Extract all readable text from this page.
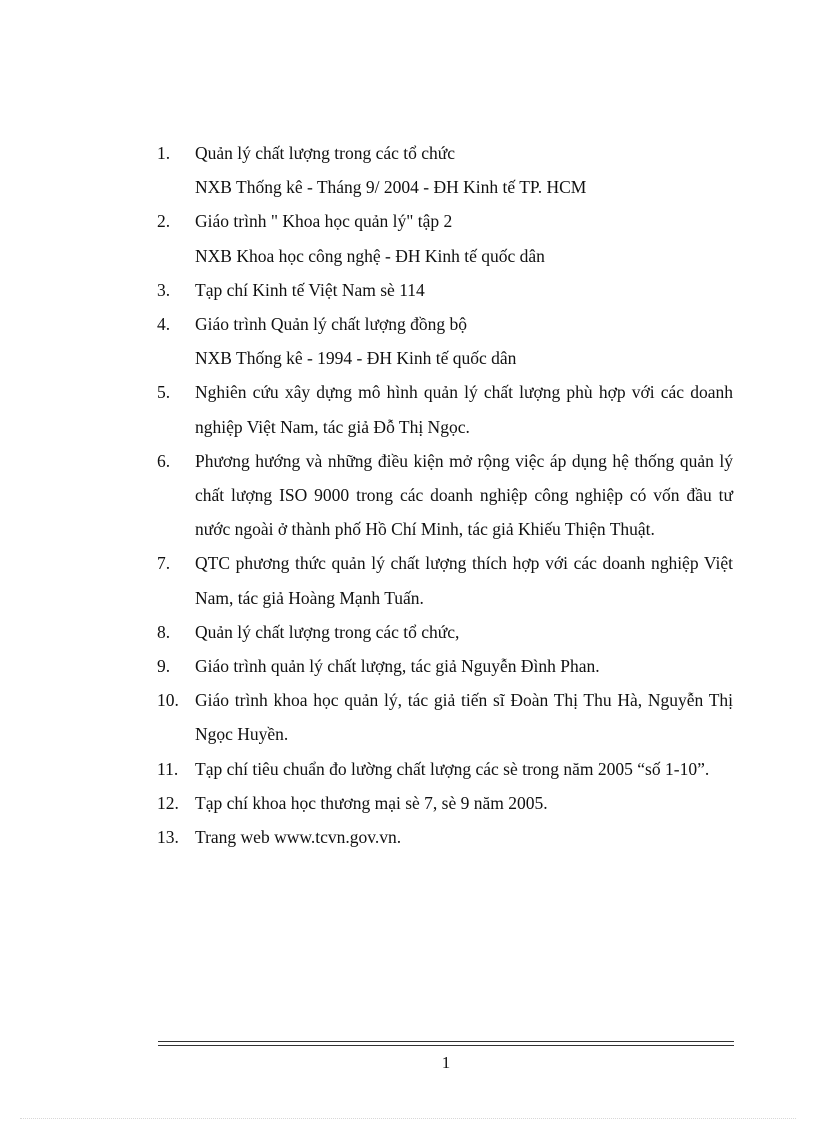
1.	Quản lý chất lượng trong các tổ chức
NXB Thống kê - Tháng 9/ 2004 - ĐH Kinh tế TP. HCM
2.	Giáo trình " Khoa học quản lý" tập 2
NXB Khoa học công nghệ - ĐH Kinh tế quốc dân
3.	Tạp chí Kinh tế Việt Nam sè 114
4.	Giáo trình Quản lý chất lượng đồng bộ
NXB Thống kê - 1994 - ĐH Kinh tế quốc dân
5.	Nghiên cứu xây dựng mô hình quản lý chất lượng phù hợp với các doanh nghiệp Việt Nam, tác giả Đỗ Thị Ngọc.
6.	Phương hướng và những điều kiện mở rộng việc áp dụng hệ thống quản lý chất lượng ISO 9000 trong các doanh nghiệp công nghiệp có vốn đầu tư nước ngoài ở thành phố Hồ Chí Minh, tác giả Khiếu Thiện Thuật.
7.	QTC phương thức quản lý chất lượng thích hợp với các doanh nghiệp Việt Nam, tác giả Hoàng Mạnh Tuấn.
8.	Quản lý chất lượng trong các tổ chức,
9.	Giáo trình quản lý chất lượng, tác giả Nguyễn Đình Phan.
10. Giáo trình khoa học quản lý, tác giả tiến sĩ Đoàn Thị Thu Hà, Nguyễn Thị Ngọc Huyền.
11. Tạp chí tiêu chuẩn đo lường chất lượng các sè trong năm 2005 “số 1-10”.
12. Tạp chí khoa học thương mại sè 7, sè 9 năm 2005.
13. Trang web www.tcvn.gov.vn.
1
